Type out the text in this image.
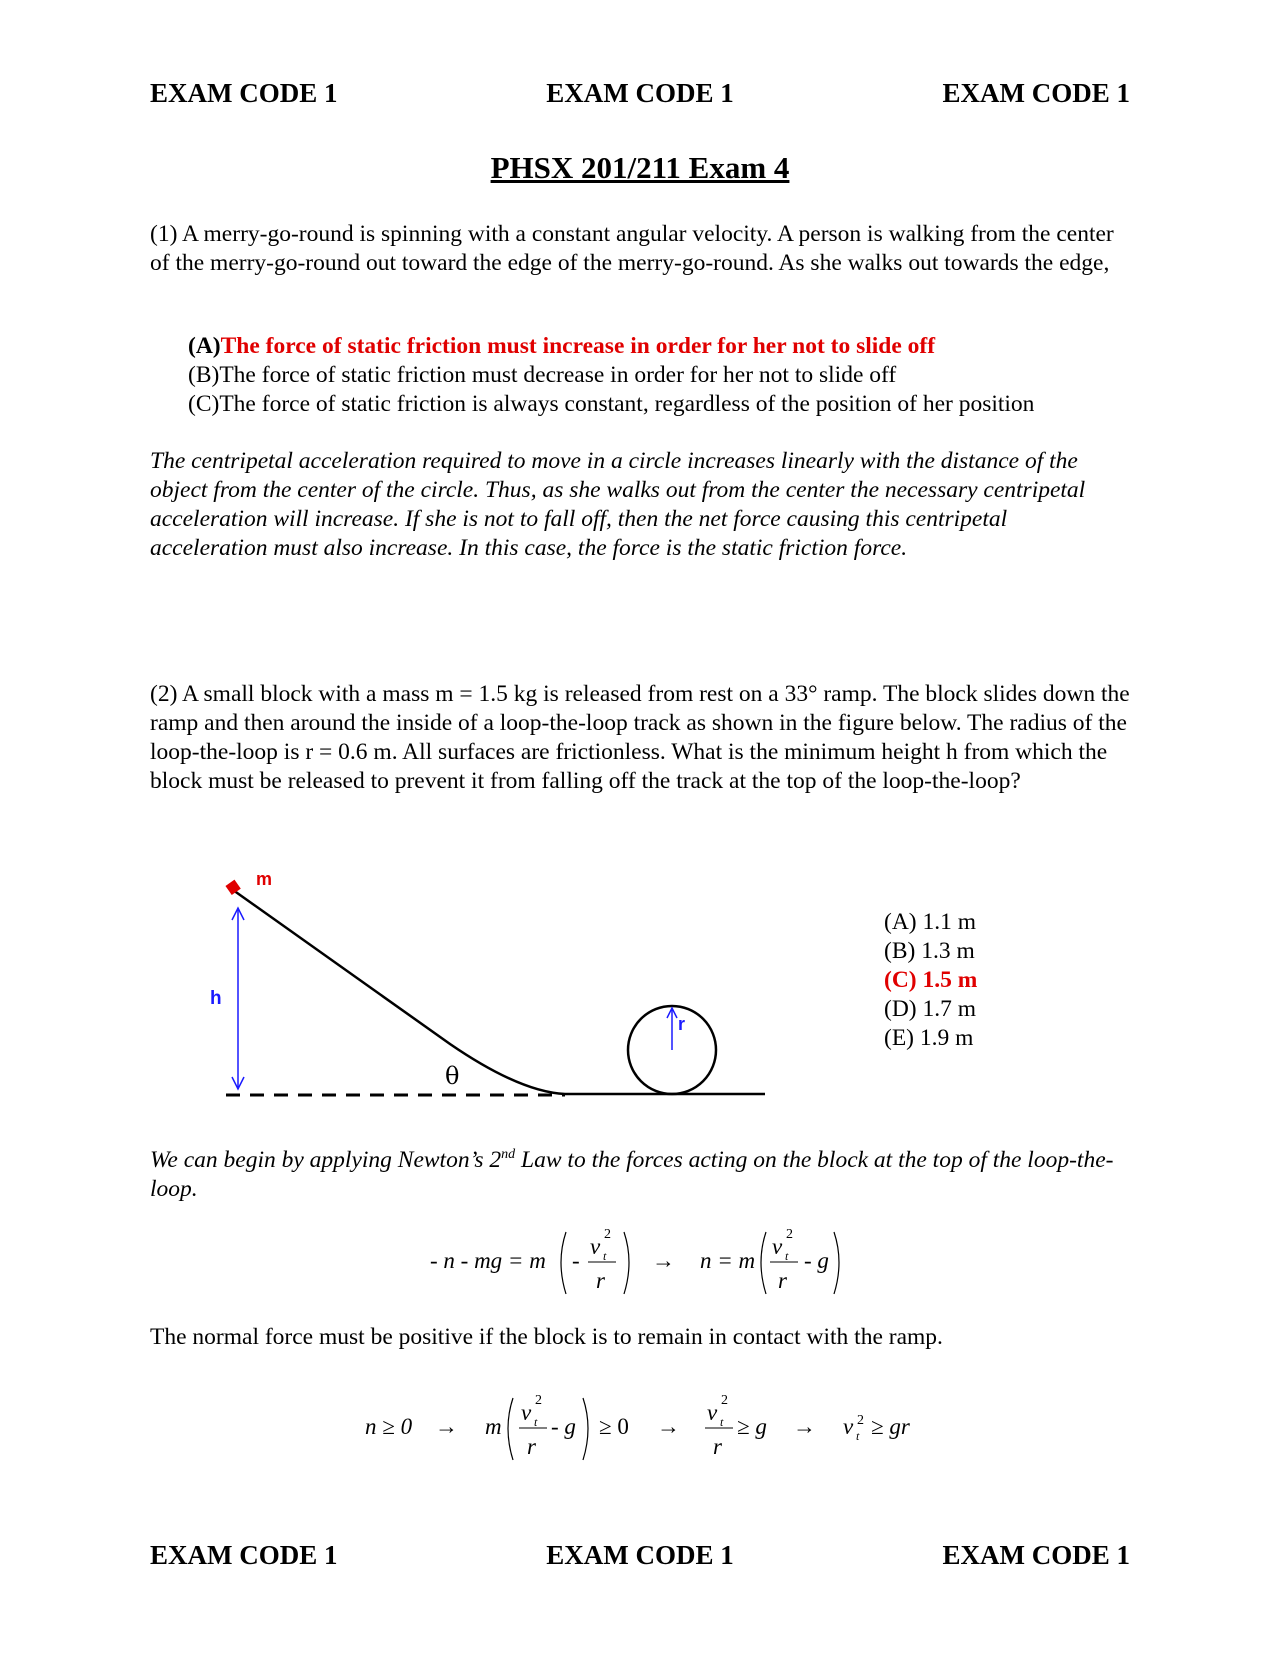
EXAM CODE 1	EXAM CODE 1	EXAM CODE 1
PHSX 201/211 Exam 4
(1) A merry-go-round is spinning with a constant angular velocity. A person is walking from the center of the merry-go-round out toward the edge of the merry-go-round. As she walks out towards the edge,
(A)The force of static friction must increase in order for her not to slide off
(B)The force of static friction must decrease in order for her not to slide off
(C)The force of static friction is always constant, regardless of the position of her position
The centripetal acceleration required to move in a circle increases linearly with the distance of the object from the center of the circle. Thus, as she walks out from the center the necessary centripetal acceleration will increase. If she is not to fall off, then the net force causing this centripetal acceleration must also increase. In this case, the force is the static friction force.
(2) A small block with a mass m = 1.5 kg is released from rest on a 33° ramp. The block slides down the ramp and then around the inside of a loop-the-loop track as shown in the figure below. The radius of the loop-the-loop is r = 0.6 m. All surfaces are frictionless. What is the minimum height h from which the block must be released to prevent it from falling off the track at the top of the loop-the-loop?
m
h
θ
r
(A) 1.1 m
(B) 1.3 m
(C) 1.5 m
(D) 1.7 m
(E) 1.9 m
We can begin by applying Newton’s 2nd Law to the forces acting on the block at the top of the loop-the-loop.
- n - mg = m -
v 2
t
r
→ n = m
v 2
t
r
- g
The normal force must be positive if the block is to remain in contact with the ramp.
n ≥ 0 → m
v 2
t
r
- g ≥ 0 →
v 2
t
r
≥ g → v 2
t ≥ gr
EXAM CODE 1	EXAM CODE 1	EXAM CODE 1
